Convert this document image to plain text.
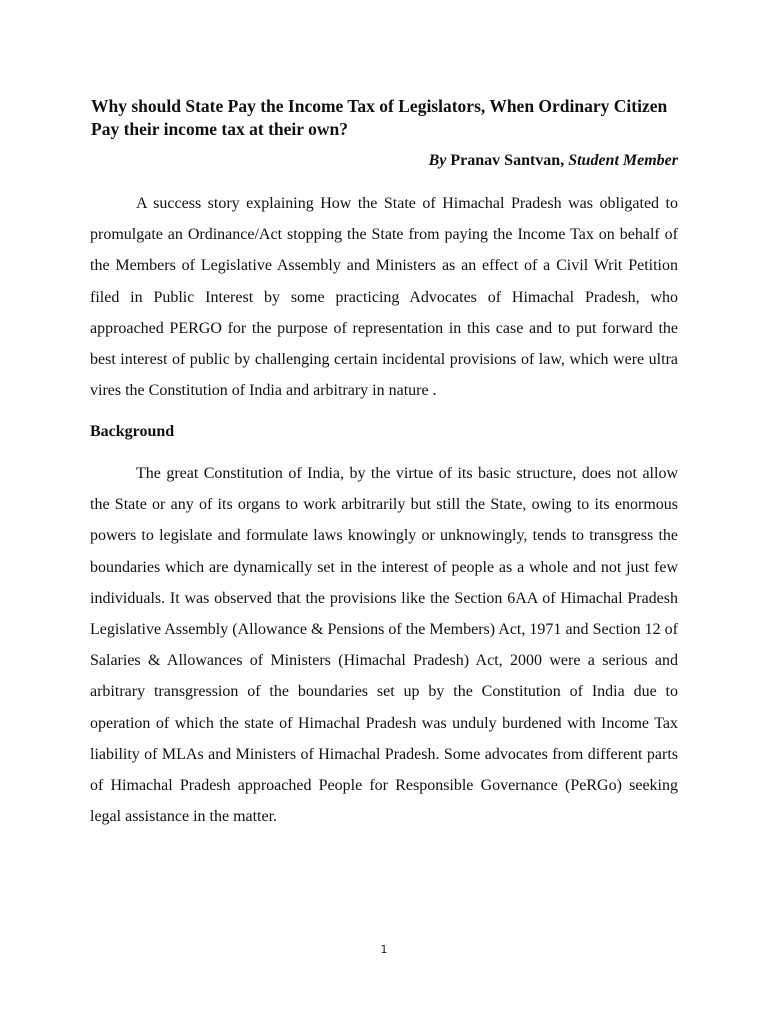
Why should State Pay the Income Tax of Legislators, When Ordinary Citizen Pay their income tax at their own?

By Pranav Santvan, Student Member

A success story explaining How the State of Himachal Pradesh was obligated to promulgate an Ordinance/Act stopping the State from paying the Income Tax on behalf of the Members of Legislative Assembly and Ministers as an effect of a Civil Writ Petition filed in Public Interest by some practicing Advocates of Himachal Pradesh, who approached PERGO for the purpose of representation in this case and to put forward the best interest of public by challenging certain incidental provisions of law, which were ultra vires the Constitution of India and arbitrary in nature .

Background

The great Constitution of India, by the virtue of its basic structure, does not allow the State or any of its organs to work arbitrarily but still the State, owing to its enormous powers to legislate and formulate laws knowingly or unknowingly, tends to transgress the boundaries which are dynamically set in the interest of people as a whole and not just few individuals. It was observed that the provisions like the Section 6AA of Himachal Pradesh Legislative Assembly (Allowance & Pensions of the Members) Act, 1971 and Section 12 of Salaries & Allowances of Ministers (Himachal Pradesh) Act, 2000 were a serious and arbitrary transgression of the boundaries set up by the Constitution of India due to operation of which the state of Himachal Pradesh was unduly burdened with Income Tax liability of MLAs and Ministers of Himachal Pradesh. Some advocates from different parts of Himachal Pradesh approached People for Responsible Governance (PeRGo) seeking legal assistance in the matter.

1
